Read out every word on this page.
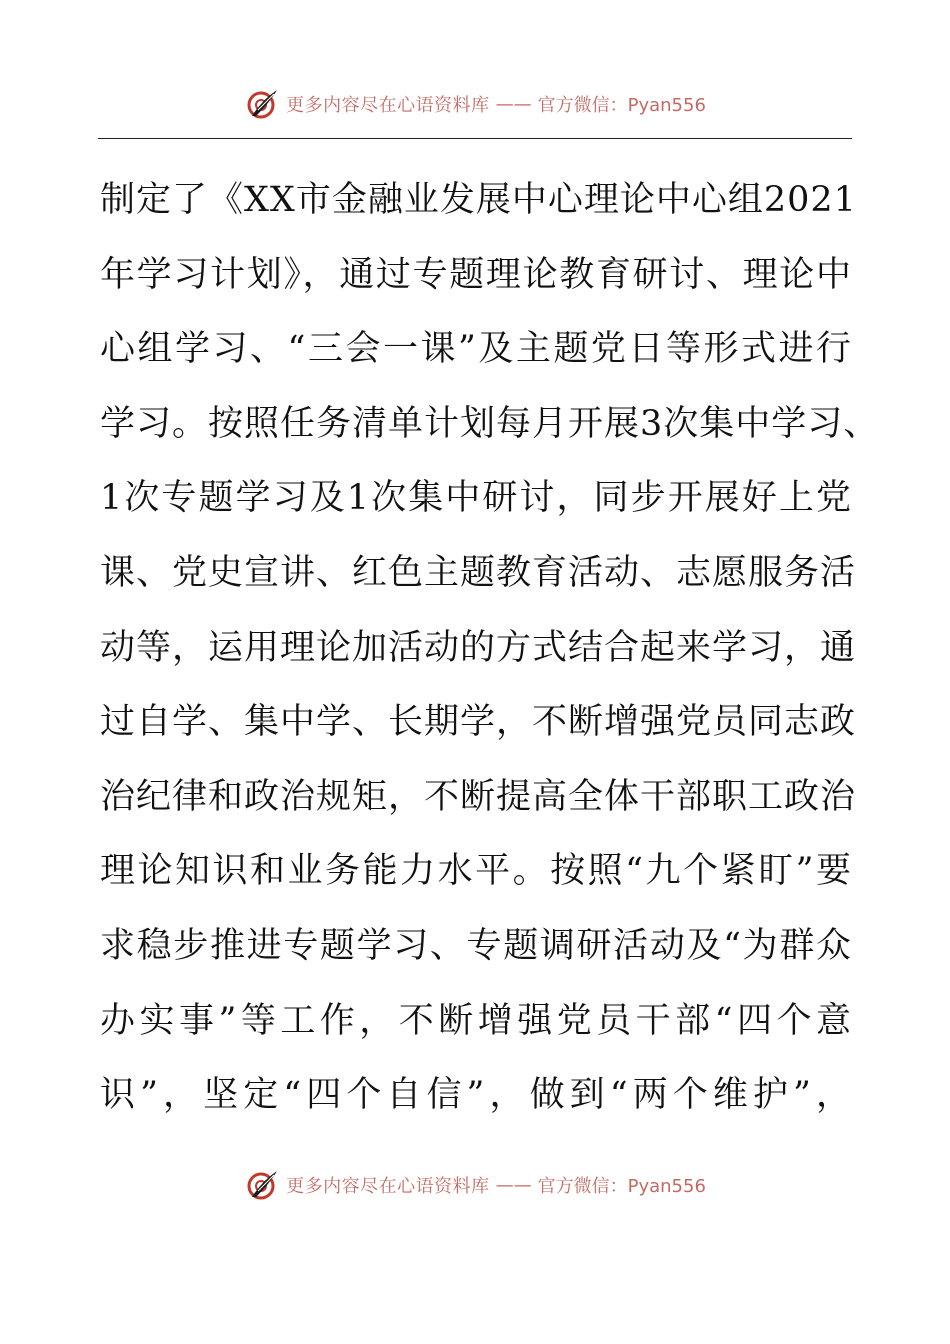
更多内容尽在心语资料库 —— 官方微信：Pyan556
制定了《XX市金融业发展中心理论中心组2021
年学习计划》，通过专题理论教育研讨、理论中
心组学习、“三会一课”及主题党日等形式进行
学习。按照任务清单计划每月开展3次集中学习、
1次专题学习及1次集中研讨，同步开展好上党
课、党史宣讲、红色主题教育活动、志愿服务活
动等，运用理论加活动的方式结合起来学习，通
过自学、集中学、长期学，不断增强党员同志政
治纪律和政治规矩，不断提高全体干部职工政治
理论知识和业务能力水平。按照“九个紧盯”要
求稳步推进专题学习、专题调研活动及“为群众
办实事”等工作，不断增强党员干部“四个意
识”，坚定“四个自信”，做到“两个维护”，
更多内容尽在心语资料库 —— 官方微信：Pyan556
